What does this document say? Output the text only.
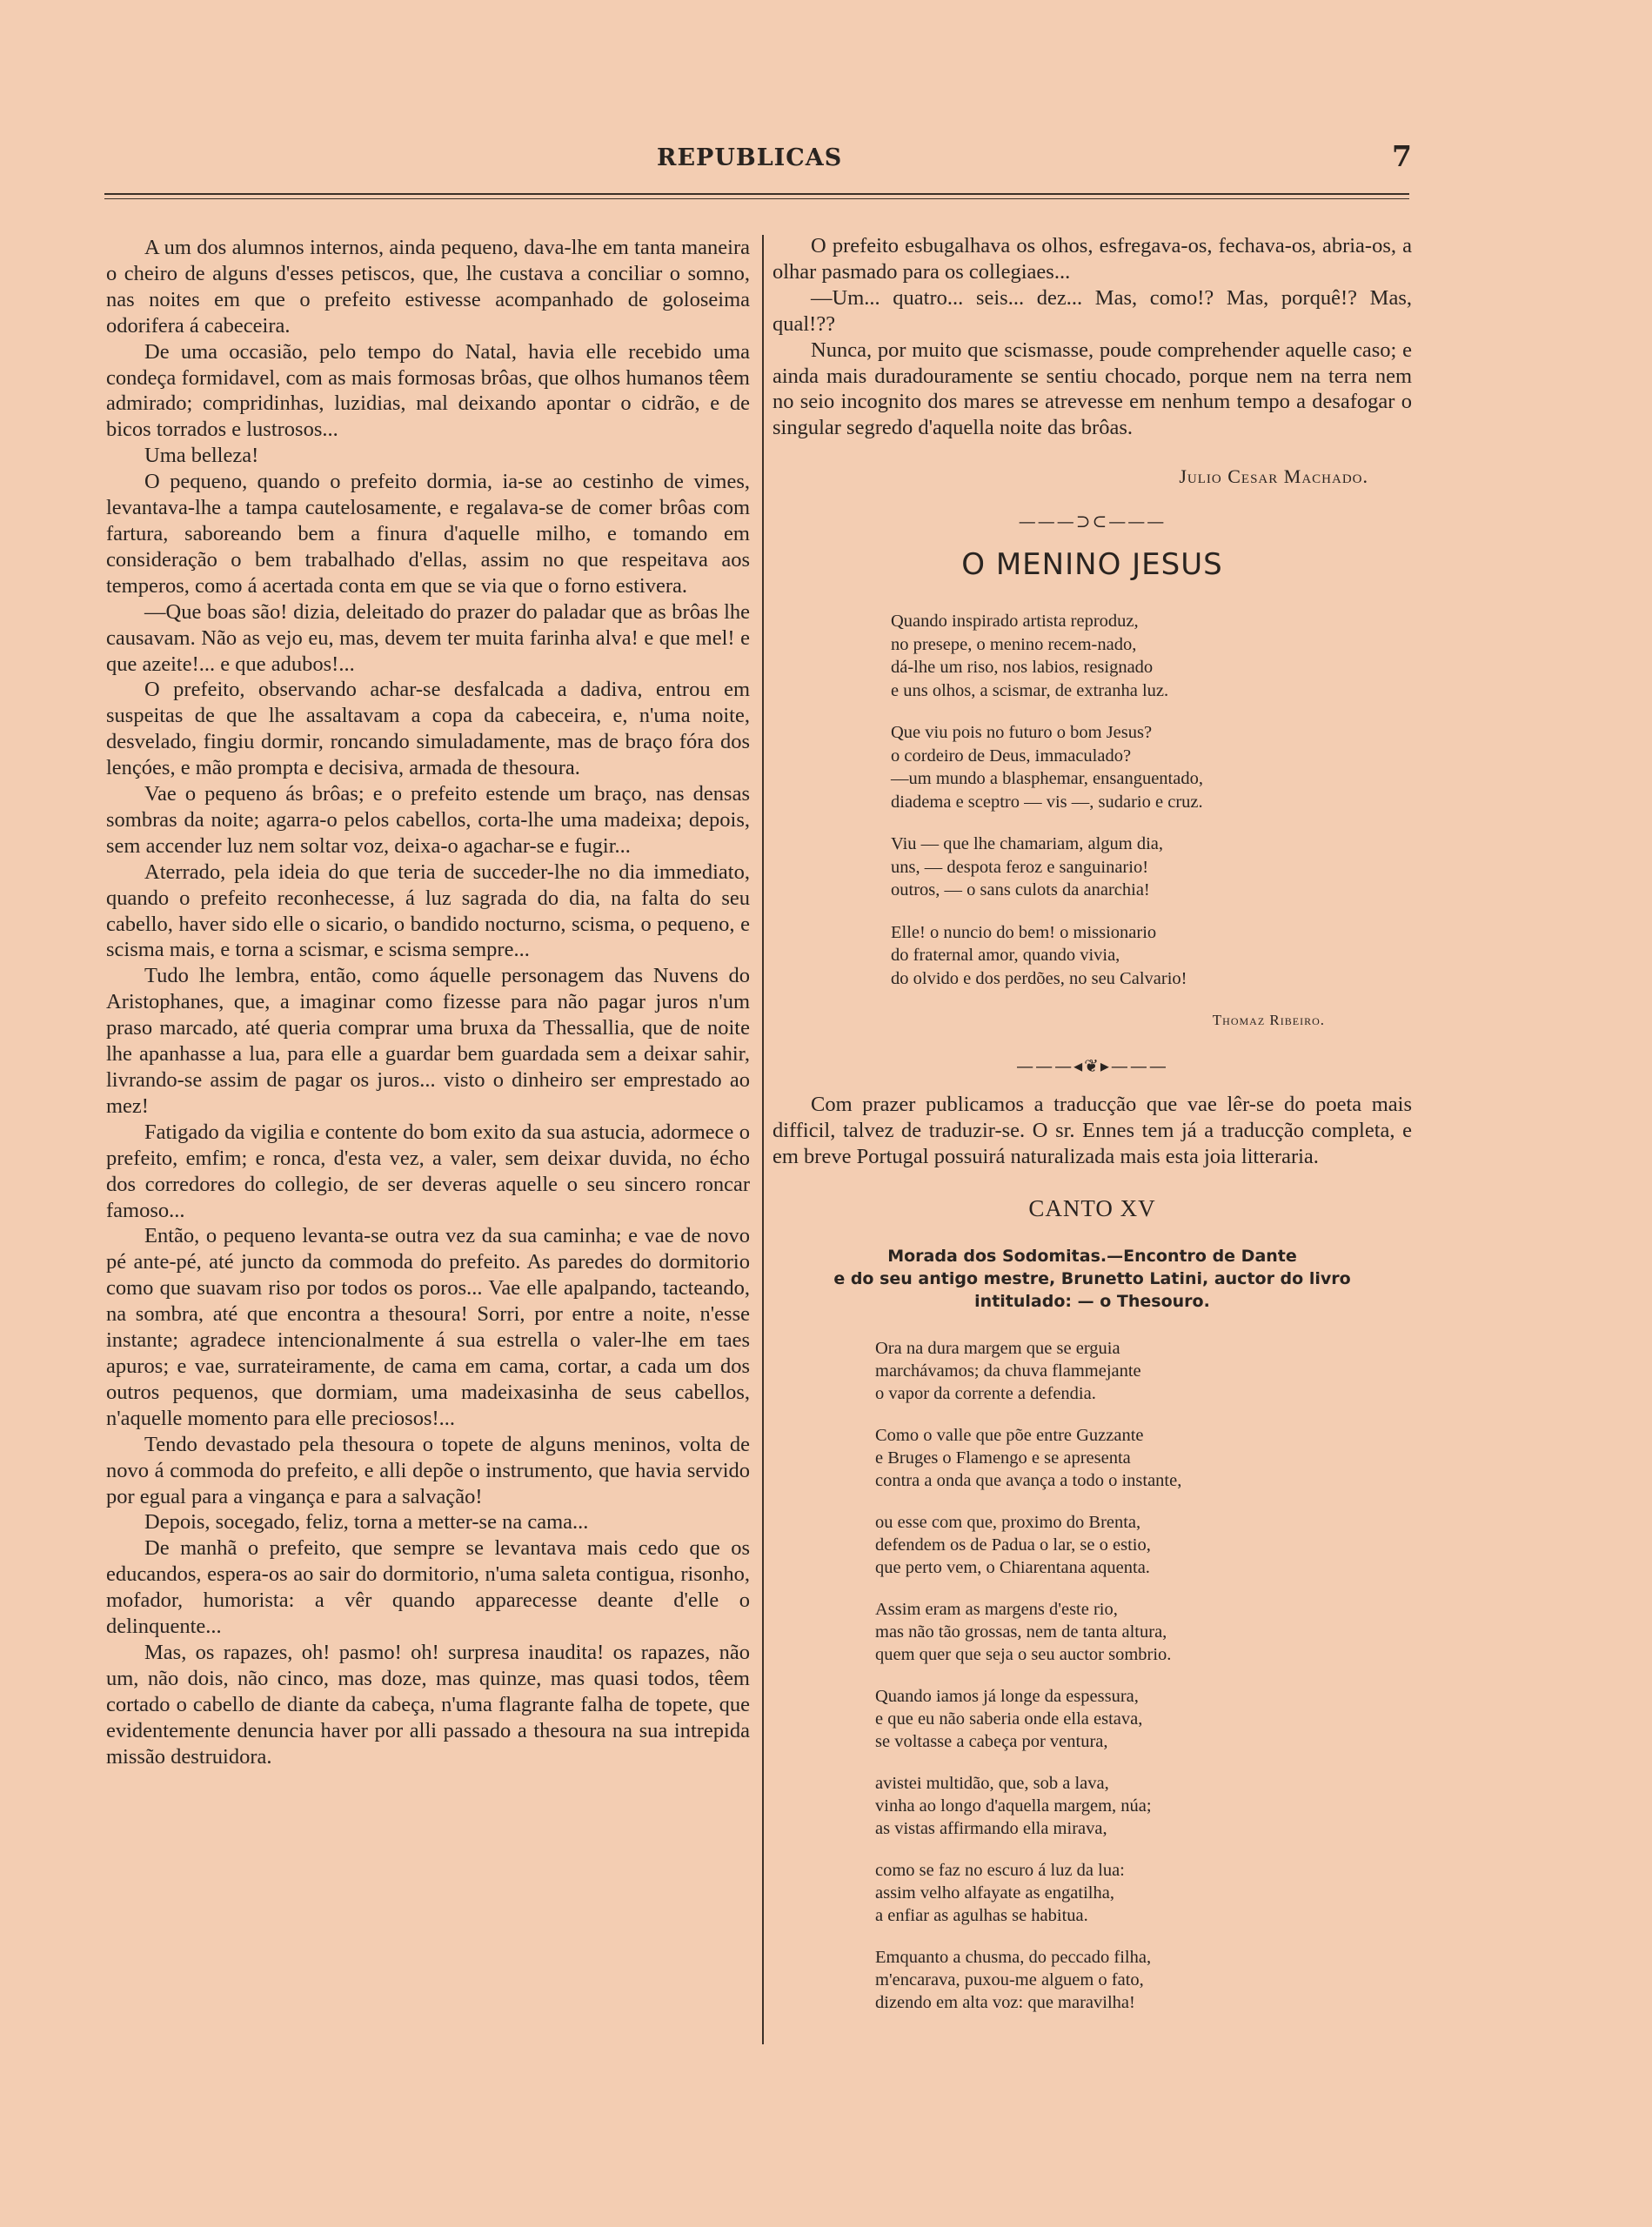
REPUBLICAS	7

A um dos alumnos internos, ainda pequeno, dava-lhe em tanta maneira o cheiro de alguns d'esses petiscos, que, lhe custava a conciliar o somno, nas noites em que o prefeito estivesse acompanhado de goloseima odorifera á cabeceira.

De uma occasião, pelo tempo do Natal, havia elle recebido uma condeça formidavel, com as mais formosas brôas, que olhos humanos têem admirado; compridinhas, luzidias, mal deixando apontar o cidrão, e de bicos torrados e lustrosos...

Uma belleza!

O pequeno, quando o prefeito dormia, ia-se ao cestinho de vimes, levantava-lhe a tampa cautelosamente, e regalava-se de comer brôas com fartura, saboreando bem a finura d'aquelle milho, e tomando em consideração o bem trabalhado d'ellas, assim no que respeitava aos temperos, como á acertada conta em que se via que o forno estivera.

—Que boas são! dizia, deleitado do prazer do paladar que as brôas lhe causavam. Não as vejo eu, mas, devem ter muita farinha alva! e que mel! e que azeite!... e que adubos!...

O prefeito, observando achar-se desfalcada a dadiva, entrou em suspeitas de que lhe assaltavam a copa da cabeceira, e, n'uma noite, desvelado, fingiu dormir, roncando simuladamente, mas de braço fóra dos lençóes, e mão prompta e decisiva, armada de thesoura.

Vae o pequeno ás brôas; e o prefeito estende um braço, nas densas sombras da noite; agarra-o pelos cabellos, corta-lhe uma madeixa; depois, sem accender luz nem soltar voz, deixa-o agachar-se e fugir...

Aterrado, pela ideia do que teria de succeder-lhe no dia immediato, quando o prefeito reconhecesse, á luz sagrada do dia, na falta do seu cabello, haver sido elle o sicario, o bandido nocturno, scisma, o pequeno, e scisma mais, e torna a scismar, e scisma sempre...

Tudo lhe lembra, então, como áquelle personagem das Nuvens do Aristophanes, que, a imaginar como fizesse para não pagar juros n'um praso marcado, até queria comprar uma bruxa da Thessallia, que de noite lhe apanhasse a lua, para elle a guardar bem guardada sem a deixar sahir, livrando-se assim de pagar os juros... visto o dinheiro ser emprestado ao mez!

Fatigado da vigilia e contente do bom exito da sua astucia, adormece o prefeito, emfim; e ronca, d'esta vez, a valer, sem deixar duvida, no écho dos corredores do collegio, de ser deveras aquelle o seu sincero roncar famoso...

Então, o pequeno levanta-se outra vez da sua caminha; e vae de novo pé ante-pé, até juncto da commoda do prefeito. As paredes do dormitorio como que suavam riso por todos os poros... Vae elle apalpando, tacteando, na sombra, até que encontra a thesoura! Sorri, por entre a noite, n'esse instante; agradece intencionalmente á sua estrella o valer-lhe em taes apuros; e vae, surrateiramente, de cama em cama, cortar, a cada um dos outros pequenos, que dormiam, uma madeixasinha de seus cabellos, n'aquelle momento para elle preciosos!...

Tendo devastado pela thesoura o topete de alguns meninos, volta de novo á commoda do prefeito, e alli depõe o instrumento, que havia servido por egual para a vingança e para a salvação!

Depois, socegado, feliz, torna a metter-se na cama...

De manhã o prefeito, que sempre se levantava mais cedo que os educandos, espera-os ao sair do dormitorio, n'uma saleta contigua, risonho, mofador, humorista: a vêr quando apparecesse deante d'elle o delinquente...

Mas, os rapazes, oh! pasmo! oh! surpresa inaudita! os rapazes, não um, não dois, não cinco, mas doze, mas quinze, mas quasi todos, têem cortado o cabello de diante da cabeça, n'uma flagrante falha de topete, que evidentemente denuncia haver por alli passado a thesoura na sua intrepida missão destruidora.

O prefeito esbugalhava os olhos, esfregava-os, fechava-os, abria-os, a olhar pasmado para os collegiaes...

—Um... quatro... seis... dez... Mas, como!? Mas, porquê!? Mas, qual!??

Nunca, por muito que scismasse, poude comprehender aquelle caso; e ainda mais duradouramente se sentiu chocado, porque nem na terra nem no seio incognito dos mares se atrevesse em nenhum tempo a desafogar o singular segredo d'aquella noite das brôas.

Julio Cesar Machado.
———⊃⊂———
O MENINO JESUS
Quando inspirado artista reproduz,
no presepe, o menino recem-nado,
dá-lhe um riso, nos labios, resignado
e uns olhos, a scismar, de extranha luz.
Que viu pois no futuro o bom Jesus?
o cordeiro de Deus, immaculado?
—um mundo a blasphemar, ensanguentado,
diadema e sceptro — vis —, sudario e cruz.
Viu — que lhe chamariam, algum dia,
uns, — despota feroz e sanguinario!
outros, — o sans culots da anarchia!
Elle! o nuncio do bem! o missionario
do fraternal amor, quando vivia,
do olvido e dos perdões, no seu Calvario!
Thomaz Ribeiro.
———◂❦▸———

Com prazer publicamos a traducção que vae lêr-se do poeta mais difficil, talvez de traduzir-se. O sr. Ennes tem já a traducção completa, e em breve Portugal possuirá naturalizada mais esta joia litteraria.

CANTO XV
Morada dos Sodomitas.—Encontro de Dante
e do seu antigo mestre, Brunetto Latini, auctor do livro
intitulado: — o Thesouro.
Ora na dura margem que se erguia
marchávamos; da chuva flammejante
o vapor da corrente a defendia.
Como o valle que põe entre Guzzante
e Bruges o Flamengo e se apresenta
contra a onda que avança a todo o instante,
ou esse com que, proximo do Brenta,
defendem os de Padua o lar, se o estio,
que perto vem, o Chiarentana aquenta.
Assim eram as margens d'este rio,
mas não tão grossas, nem de tanta altura,
quem quer que seja o seu auctor sombrio.
Quando iamos já longe da espessura,
e que eu não saberia onde ella estava,
se voltasse a cabeça por ventura,
avistei multidão, que, sob a lava,
vinha ao longo d'aquella margem, núa;
as vistas affirmando ella mirava,
como se faz no escuro á luz da lua:
assim velho alfayate as engatilha,
a enfiar as agulhas se habitua.
Emquanto a chusma, do peccado filha,
m'encarava, puxou-me alguem o fato,
dizendo em alta voz: que maravilha!
